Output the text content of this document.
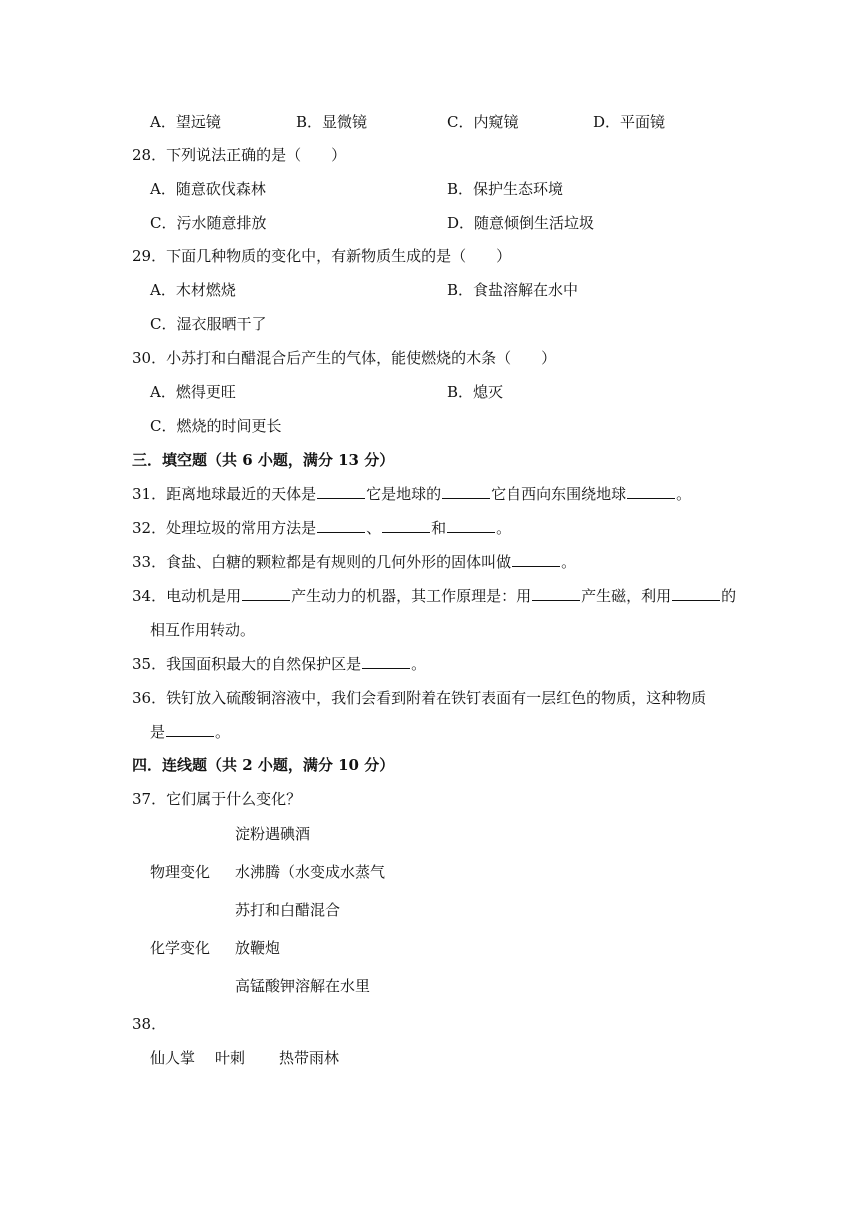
A．望远镜	B．显微镜	C．内窥镜	D．平面镜
28．下列说法正确的是（　　）
A．随意砍伐森林	B．保护生态环境
C．污水随意排放	D．随意倾倒生活垃圾
29．下面几种物质的变化中，有新物质生成的是（　　）
A．木材燃烧	B．食盐溶解在水中
C．湿衣服晒干了
30．小苏打和白醋混合后产生的气体，能使燃烧的木条（　　）
A．燃得更旺	B．熄灭
C．燃烧的时间更长
三．填空题（共 6 小题，满分 13 分）
31．距离地球最近的天体是	它是地球的	它自西向东围绕地球	。
32．处理垃圾的常用方法是	、	和	。
33．食盐、白糖的颗粒都是有规则的几何外形的固体叫做	。
34．电动机是用	产生动力的机器，其工作原理是：用	产生磁，利用	的
相互作用转动。
35．我国面积最大的自然保护区是	。
36．铁钉放入硫酸铜溶液中，我们会看到附着在铁钉表面有一层红色的物质，这种物质
是	。
四．连线题（共 2 小题，满分 10 分）
37．它们属于什么变化？
淀粉遇碘酒
物理变化 水沸腾（水变成水蒸气
苏打和白醋混合
化学变化 放鞭炮
高锰酸钾溶解在水里
38．
仙人掌 叶刺 热带雨林
